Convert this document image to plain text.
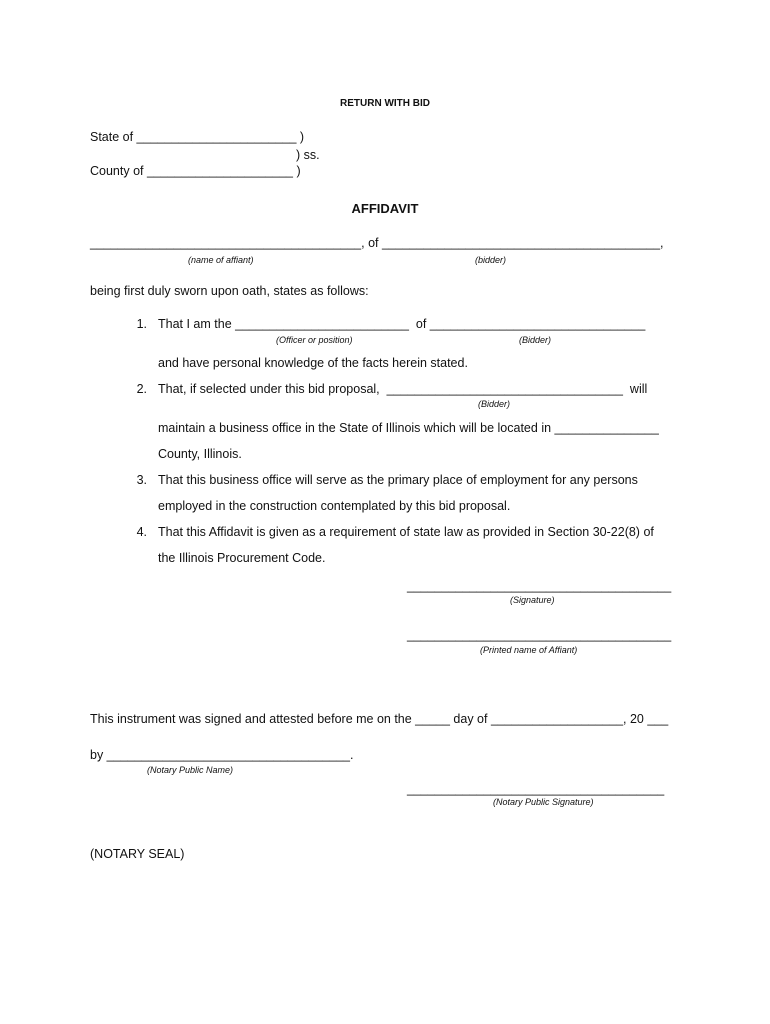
RETURN WITH BID
State of _______________________ )
) ss.
County of _____________________ )
AFFIDAVIT
_______________________________________, of ________________________________________,
(name of affiant)	(bidder)
being first duly sworn upon oath, states as follows:
1. That I am the _________________________  of _______________________________
(Officer or position)	(Bidder)
and have personal knowledge of the facts herein stated.
2. That, if selected under this bid proposal,  __________________________________  will
(Bidder)
maintain a business office in the State of Illinois which will be located in _______________
County, Illinois.
3. That this business office will serve as the primary place of employment for any persons
employed in the construction contemplated by this bid proposal.
4. That this Affidavit is given as a requirement of state law as provided in Section 30-22(8) of
the Illinois Procurement Code.
______________________________________
(Signature)
______________________________________
(Printed name of Affiant)
This instrument was signed and attested before me on the _____ day of ___________________, 20 ___
by ___________________________________.
(Notary Public Name)
_____________________________________
(Notary Public Signature)
(NOTARY SEAL)
